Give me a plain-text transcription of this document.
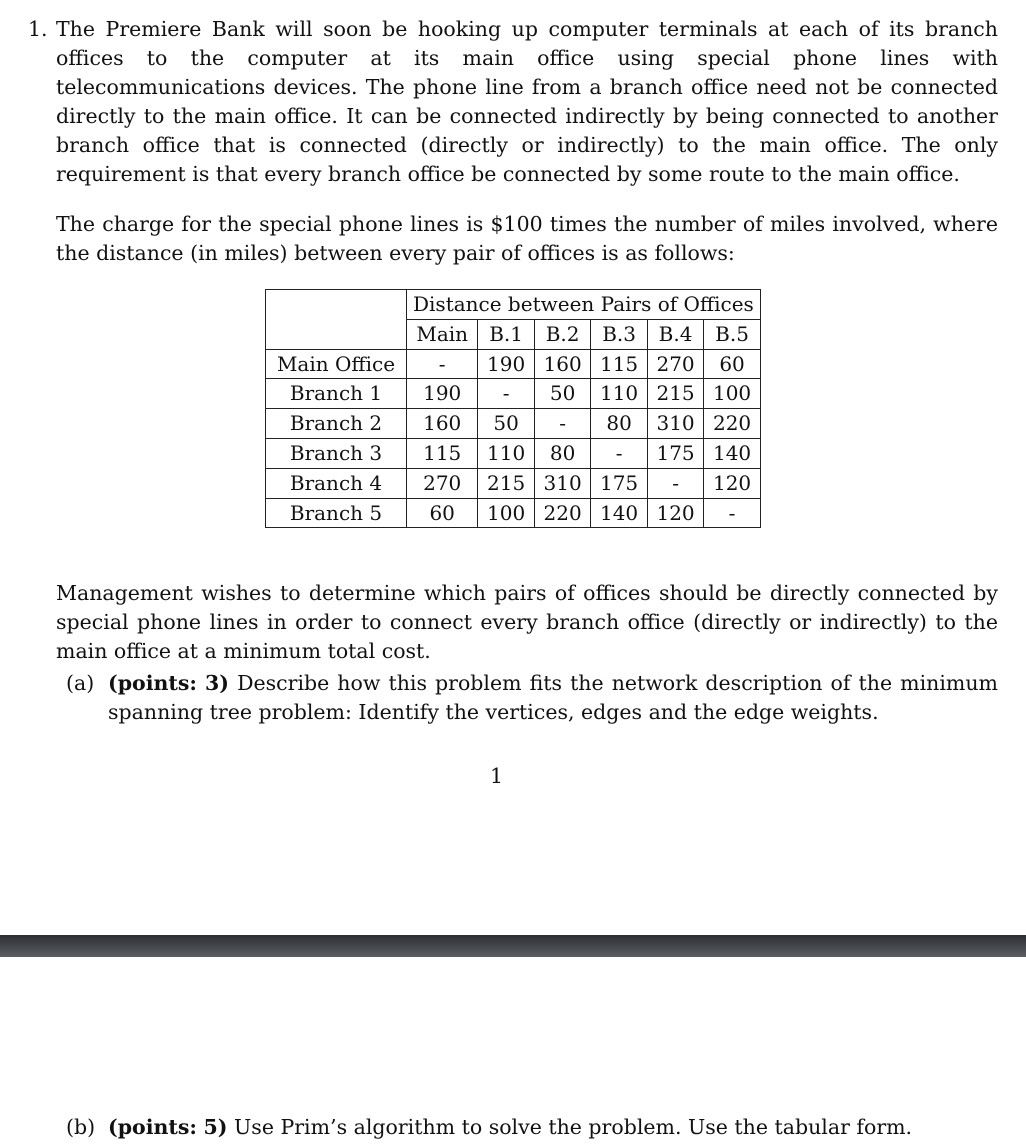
1. The Premiere Bank will soon be hooking up computer terminals at each of its branch offices to the computer at its main office using special phone lines with telecommunications devices. The phone line from a branch office need not be connected directly to the main office. It can be connected indirectly by being connected to another branch office that is connected (directly or indirectly) to the main office. The only requirement is that every branch office be connected by some route to the main office.

The charge for the special phone lines is $100 times the number of miles involved, where the distance (in miles) between every pair of offices is as follows:

	Distance between Pairs of Offices					
	Main	B.1	B.2	B.3	B.4	B.5
Main Office	-	190	160	115	270	60
Branch 1	190	-	50	110	215	100
Branch 2	160	50	-	80	310	220
Branch 3	115	110	80	-	175	140
Branch 4	270	215	310	175	-	120
Branch 5	60	100	220	140	120	-

Management wishes to determine which pairs of offices should be directly connected by special phone lines in order to connect every branch office (directly or indirectly) to the main office at a minimum total cost.

(a) (points: 3) Describe how this problem fits the network description of the minimum spanning tree problem: Identify the vertices, edges and the edge weights.
1
(b) (points: 5) Use Prim’s algorithm to solve the problem. Use the tabular form.
